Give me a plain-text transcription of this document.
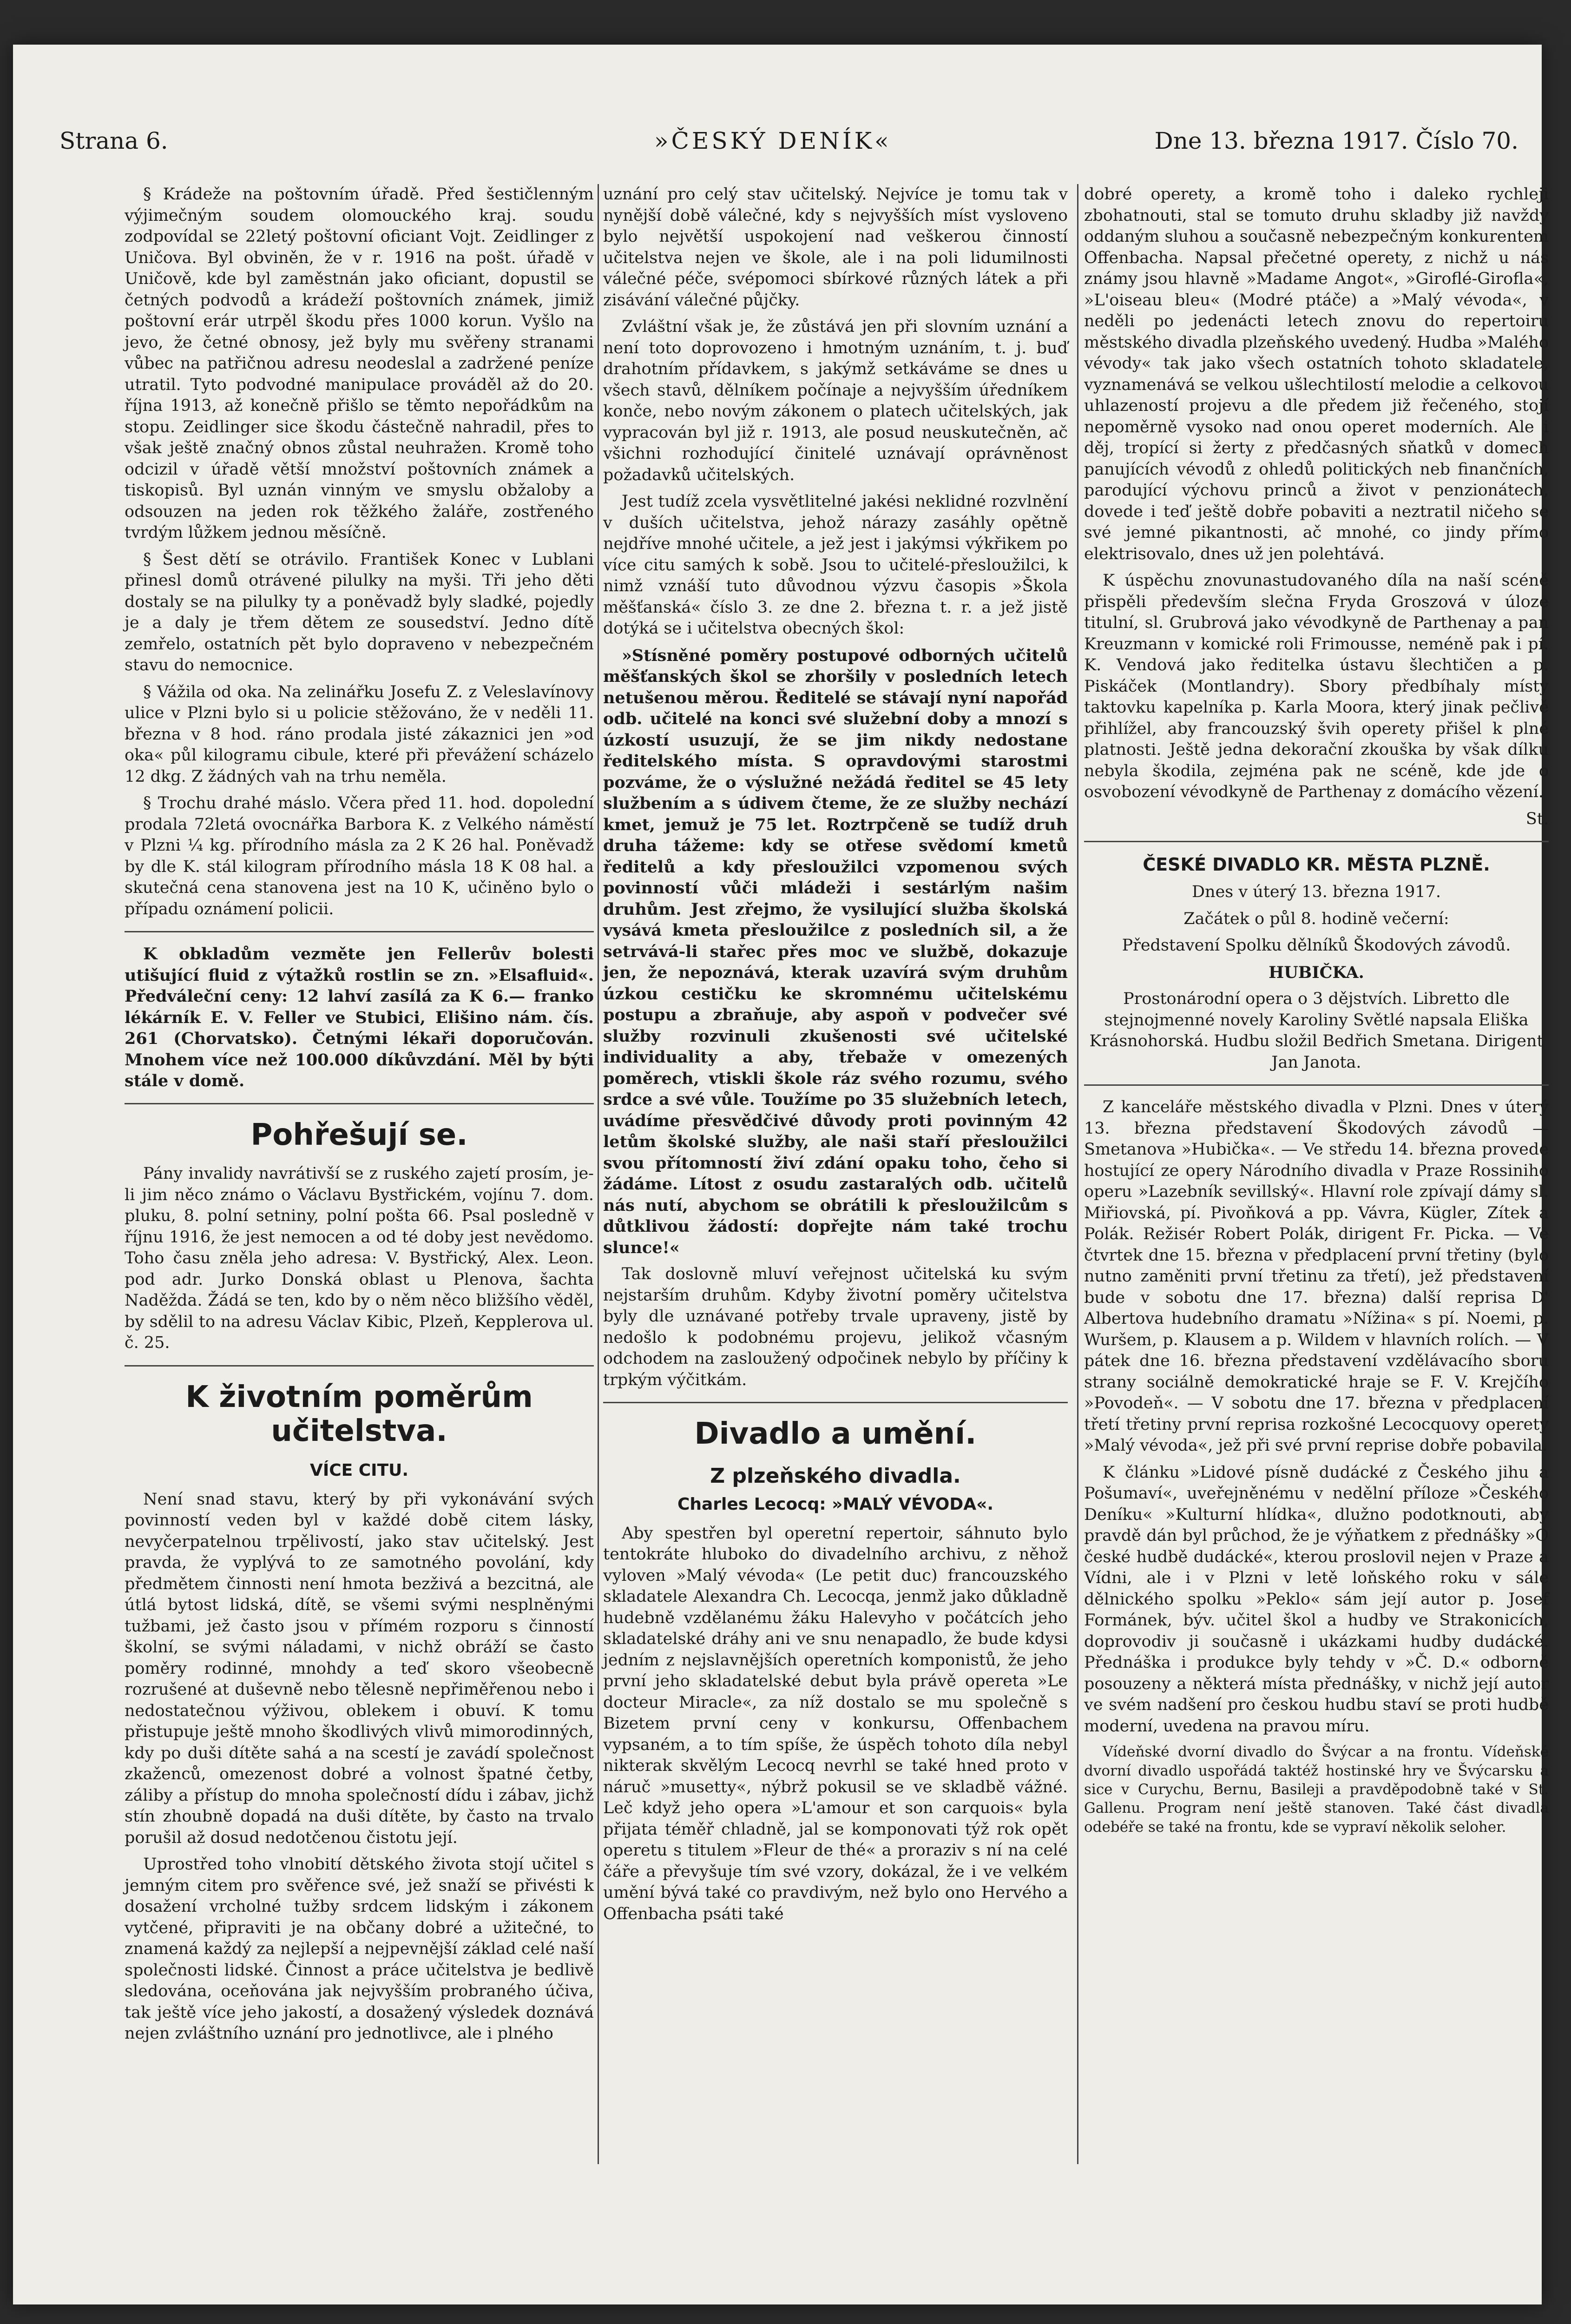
Strana 6.	»ČESKÝ DENÍK«	Dne 13. března 1917. Číslo 70.

§ Krádeže na poštovním úřadě. Před šestičlenným výjimečným soudem olomouckého kraj. soudu zodpovídal se 22letý poštovní oficiant Vojt. Zeidlinger z Uničova. Byl obviněn, že v r. 1916 na pošt. úřadě v Uničově, kde byl zaměstnán jako oficiant, dopustil se četných podvodů a krádeží poštovních známek, jimiž poštovní erár utrpěl škodu přes 1000 korun. Vyšlo na jevo, že četné obnosy, jež byly mu svěřeny stranami vůbec na patřičnou adresu neodeslal a zadržené peníze utratil. Tyto podvodné manipulace prováděl až do 20. října 1913, až konečně přišlo se těmto nepořádkům na stopu. Zeidlinger sice škodu částečně nahradil, přes to však ještě značný obnos zůstal neuhražen. Kromě toho odcizil v úřadě větší množství poštovních známek a tiskopisů. Byl uznán vinným ve smyslu obžaloby a odsouzen na jeden rok těžkého žaláře, zostřeného tvrdým lůžkem jednou měsíčně.

§ Šest dětí se otrávilo. František Konec v Lublani přinesl domů otrávené pilulky na myši. Tři jeho děti dostaly se na pilulky ty a poněvadž byly sladké, pojedly je a daly je třem dětem ze sousedství. Jedno dítě zemřelo, ostatních pět bylo dopraveno v nebezpečném stavu do nemocnice.

§ Vážila od oka. Na zelinářku Josefu Z. z Veleslavínovy ulice v Plzni bylo si u policie stěžováno, že v neděli 11. března v 8 hod. ráno prodala jisté zákaznici jen »od oka« půl kilogramu cibule, které při převážení scházelo 12 dkg. Z žádných vah na trhu neměla.

§ Trochu drahé máslo. Včera před 11. hod. dopolední prodala 72letá ovocnářka Barbora K. z Velkého náměstí v Plzni ¼ kg. přírodního másla za 2 K 26 hal. Poněvadž by dle K. stál kilogram přírodního másla 18 K 08 hal. a skutečná cena stanovena jest na 10 K, učiněno bylo o případu oznámení policii.

K obkladům vezměte jen Fellerův bolesti utišující fluid z výtažků rostlin se zn. »Elsafluid«. Předváleční ceny: 12 lahví zasílá za K 6.— franko lékárník E. V. Feller ve Stubici, Elišino nám. čís. 261 (Chorvatsko). Četnými lékaři doporučován. Mnohem více než 100.000 díkůvzdání. Měl by býti stále v domě.

Pohřešují se.

Pány invalidy navrátivší se z ruského zajetí prosím, je-li jim něco známo o Václavu Bystřickém, vojínu 7. dom. pluku, 8. polní setniny, polní pošta 66. Psal posledně v říjnu 1916, že jest nemocen a od té doby jest nevědomo. Toho času zněla jeho adresa: V. Bystřický, Alex. Leon. pod adr. Jurko Donská oblast u Plenova, šachta Naděžda. Žádá se ten, kdo by o něm něco bližšího věděl, by sdělil to na adresu Václav Kibic, Plzeň, Kepplerova ul. č. 25.

K životním poměrům učitelstva.
VÍCE CITU.

Není snad stavu, který by při vykonávání svých povinností veden byl v každé době citem lásky, nevyčerpatelnou trpělivostí, jako stav učitelský. Jest pravda, že vyplývá to ze samotného povolání, kdy předmětem činnosti není hmota bezživá a bezcitná, ale útlá bytost lidská, dítě, se všemi svými nesplněnými tužbami, jež často jsou v přímém rozporu s činností školní, se svými náladami, v nichž obráží se často poměry rodinné, mnohdy a teď skoro všeobecně rozrušené at duševně nebo tělesně nepřiměřenou nebo i nedostatečnou výživou, oblekem i obuví. K tomu přistupuje ještě mnoho škodlivých vlivů mimorodinných, kdy po duši dítěte sahá a na scestí je zavádí společnost zkaženců, omezenost dobré a volnost špatné četby, záliby a přístup do mnoha společností dídu i zábav, jichž stín zhoubně dopadá na duši dítěte, by často na trvalo porušil až dosud nedotčenou čistotu její.

Uprostřed toho vlnobití dětského života stojí učitel s jemným citem pro svěřence své, jež snaží se přivésti k dosažení vrcholné tužby srdcem lidským i zákonem vytčené, připraviti je na občany dobré a užitečné, to znamená každý za nejlepší a nejpevnější základ celé naší společnosti lidské. Činnost a práce učitelstva je bedlivě sledována, oceňována jak nejvyšším probraného účiva, tak ještě více jeho jakostí, a dosažený výsledek doznává nejen zvláštního uznání pro jednotlivce, ale i plného

uznání pro celý stav učitelský. Nejvíce je tomu tak v nynější době válečné, kdy s nejvyšších míst vysloveno bylo největší uspokojení nad veškerou činností učitelstva nejen ve škole, ale i na poli lidumilnosti válečné péče, svépomoci sbírkové různých látek a při zisávání válečné půjčky.

Zvláštní však je, že zůstává jen při slovním uznání a není toto doprovozeno i hmotným uznáním, t. j. buď drahotním přídavkem, s jakýmž setkáváme se dnes u všech stavů, dělníkem počínaje a nejvyšším úředníkem konče, nebo novým zákonem o platech učitelských, jak vypracován byl již r. 1913, ale posud neuskutečněn, ač všichni rozhodující činitelé uznávají oprávněnost požadavků učitelských.

Jest tudíž zcela vysvětlitelné jakési neklidné rozvlnění v duších učitelstva, jehož nárazy zasáhly opětně nejdříve mnohé učitele, a jež jest i jakýmsi výkřikem po více citu samých k sobě. Jsou to učitelé-přesloužilci, k nimž vznáší tuto důvodnou výzvu časopis »Škola měšťanská« číslo 3. ze dne 2. března t. r. a jež jistě dotýká se i učitelstva obecných škol:

»Stísněné poměry postupové odborných učitelů měšťanských škol se zhoršily v posledních letech netušenou měrou. Ředitelé se stávají nyní napořád odb. učitelé na konci své služební doby a mnozí s úzkostí usuzují, že se jim nikdy nedostane ředitelského místa. S opravdovými starostmi pozváme, že o výslužné nežádá ředitel se 45 lety službením a s údivem čteme, že ze služby nechází kmet, jemuž je 75 let. Roztrpčeně se tudíž druh druha tážeme: kdy se otřese svědomí kmetů ředitelů a kdy přesloužilci vzpomenou svých povinností vůči mládeži i sestárlým našim druhům. Jest zřejmo, že vysilující služba školská vysává kmeta přesloužilce z posledních sil, a že setrvává-li stařec přes moc ve službě, dokazuje jen, že nepoznává, kterak uzavírá svým druhům úzkou cestičku ke skromnému učitelskému postupu a zbraňuje, aby aspoň v podvečer své služby rozvinuli zkušenosti své učitelské individuality a aby, třebaže v omezených poměrech, vtiskli škole ráz svého rozumu, svého srdce a své vůle. Toužíme po 35 služebních letech, uvádíme přesvědčivé důvody proti povinným 42 letům školské služby, ale naši staří přesloužilci svou přítomností živí zdání opaku toho, čeho si žádáme. Lítost z osudu zastaralých odb. učitelů nás nutí, abychom se obrátili k přesloužilcům s důtklivou žádostí: dopřejte nám také trochu slunce!«

Tak doslovně mluví veřejnost učitelská ku svým nejstarším druhům. Kdyby životní poměry učitelstva byly dle uznávané potřeby trvale upraveny, jistě by nedošlo k podobnému projevu, jelikož včasným odchodem na zasloužený odpočinek nebylo by příčiny k trpkým výčitkám.

Divadlo a umění.
Z plzeňského divadla.
Charles Lecocq: »MALÝ VÉVODA«.

Aby spestřen byl operetní repertoir, sáhnuto bylo tentokráte hluboko do divadelního archivu, z něhož vyloven »Malý vévoda« (Le petit duc) francouzského skladatele Alexandra Ch. Lecocqa, jenmž jako důkladně hudebně vzdělanému žáku Halevyho v počátcích jeho skladatelské dráhy ani ve snu nenapadlo, že bude kdysi jedním z nejslavnějších operetních komponistů, že jeho první jeho skladatelské debut byla právě opereta »Le docteur Miracle«, za níž dostalo se mu společně s Bizetem první ceny v konkursu, Offenbachem vypsaném, a to tím spíše, že úspěch tohoto díla nebyl nikterak skvělým Lecocq nevrhl se také hned proto v náruč »musetty«, nýbrž pokusil se ve skladbě vážné. Leč když jeho opera »L'amour et son carquois« byla přijata téměř chladně, jal se komponovati týž rok opět operetu s titulem »Fleur de thé« a proraziv s ní na celé čáře a převyšuje tím své vzory, dokázal, že i ve velkém umění bývá také co pravdivým, než bylo ono Hervého a Offenbacha psáti také

dobré operety, a kromě toho i daleko rychleji zbohatnouti, stal se tomuto druhu skladby již navždy oddaným sluhou a současně nebezpečným konkurentem Offenbacha. Napsal přečetné operety, z nichž u nás známy jsou hlavně »Madame Angot«, »Giroflé-Girofla«, »L'oiseau bleu« (Modré ptáče) a »Malý vévoda«, v neděli po jedenácti letech znovu do repertoiru městského divadla plzeňského uvedený. Hudba »Malého vévody« tak jako všech ostatních tohoto skladatele, vyznamenává se velkou ušlechtilostí melodie a celkovou uhlazeností projevu a dle předem již řečeného, stojí nepoměrně vysoko nad onou operet moderních. Ale i děj, tropící si žerty z předčasných sňatků v domech panujících vévodů z ohledů politických neb finančních, parodující výchovu princů a život v penzionátech, dovede i teď ještě dobře pobaviti a neztratil ničeho se své jemné pikantnosti, ač mnohé, co jindy přímo elektrisovalo, dnes už jen polehtává.

K úspěchu znovunastudovaného díla na naší scéně přispěli především slečna Fryda Groszová v úloze titulní, sl. Grubrová jako vévodkyně de Parthenay a pan Kreuzmann v komické roli Frimousse, neméně pak i pí. K. Vendová jako ředitelka ústavu šlechtičen a p. Piskáček (Montlandry). Sbory předbíhaly místy taktovku kapelníka p. Karla Moora, který jinak pečlivě přihlížel, aby francouzský švih operety přišel k plné platnosti. Ještě jedna dekorační zkouška by však dílku nebyla škodila, zejména pak ne scéně, kde jde o osvobození vévodkyně de Parthenay z domácího vězení.

St.

ČESKÉ DIVADLO KR. MĚSTA PLZNĚ.

Dnes v úterý 13. března 1917.

Začátek o půl 8. hodině večerní:

Představení Spolku dělníků Škodových závodů.

HUBIČKA.

Prostonárodní opera o 3 dějstvích. Libretto dle stejnojmenné novely Karoliny Světlé napsala Eliška Krásnohorská. Hudbu složil Bedřich Smetana. Dirigent Jan Janota.

Z kanceláře městského divadla v Plzni. Dnes v úterý 13. března představení Škodových závodů — Smetanova »Hubička«. — Ve středu 14. března provede hostující ze opery Národního divadla v Praze Rossiniho operu »Lazebník sevillský«. Hlavní role zpívají dámy sl. Miřiovská, pí. Pivoňková a pp. Vávra, Kügler, Zítek a Polák. Režisér Robert Polák, dirigent Fr. Picka. — Ve čtvrtek dne 15. března v předplacení první třetiny (bylo nutno zaměniti první třetinu za třetí), jež představení bude v sobotu dne 17. března) další reprisa D' Albertova hudebního dramatu »Nížina« s pí. Noemi, p. Wuršem, p. Klausem a p. Wildem v hlavních rolích. — V pátek dne 16. března představení vzdělávacího sboru strany sociálně demokratické hraje se F. V. Krejčího »Povodeň«. — V sobotu dne 17. března v předplacení třetí třetiny první reprisa rozkošné Lecocquovy operety »Malý vévoda«, jež při své první reprise dobře pobavila.

K článku »Lidové písně dudácké z Českého jihu a Pošumaví«, uveřejněnému v nedělní příloze »Českého Deníku« »Kulturní hlídka«, dlužno podotknouti, aby pravdě dán byl průchod, že je výňatkem z přednášky »O české hudbě dudácké«, kterou proslovil nejen v Praze a Vídni, ale i v Plzni v letě loňského roku v sále dělnického spolku »Peklo« sám její autor p. Josef Formánek, býv. učitel škol a hudby ve Strakonicích, doprovodiv ji současně i ukázkami hudby dudácké. Přednáška i produkce byly tehdy v »Č. D.« odborně posouzeny a některá místa přednášky, v nichž její autor ve svém nadšení pro českou hudbu staví se proti hudbě moderní, uvedena na pravou míru.

Vídeňské dvorní divadlo do Švýcar a na frontu. Vídeňské dvorní divadlo uspořádá taktéž hostinské hry ve Švýcarsku a sice v Curychu, Bernu, Basileji a pravděpodobně také v St. Gallenu. Program není ještě stanoven. Také část divadla odebéře se také na frontu, kde se vypraví několik seloher.
